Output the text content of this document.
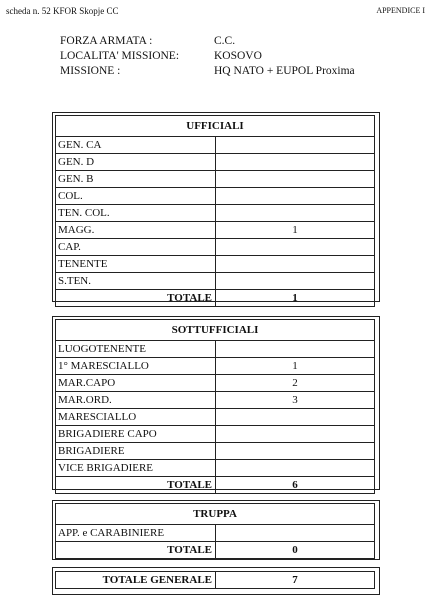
scheda n. 52 KFOR Skopje CC	APPENDICE I
FORZA ARMATA :	C.C.
LOCALITA' MISSIONE:	KOSOVO
MISSIONE :	HQ NATO + EUPOL Proxima
UFFICIALI	
GEN. CA	
GEN. D	
GEN. B	
COL.	
TEN. COL.	
MAGG.	1
CAP.	
TENENTE	
S.TEN.	
TOTALE	1
SOTTUFFICIALI	
LUOGOTENENTE	
1° MARESCIALLO	1
MAR.CAPO	2
MAR.ORD.	3
MARESCIALLO	
BRIGADIERE CAPO	
BRIGADIERE	
VICE BRIGADIERE	
TOTALE	6
TRUPPA	
APP. e CARABINIERE	
TOTALE	0
TOTALE GENERALE	7
